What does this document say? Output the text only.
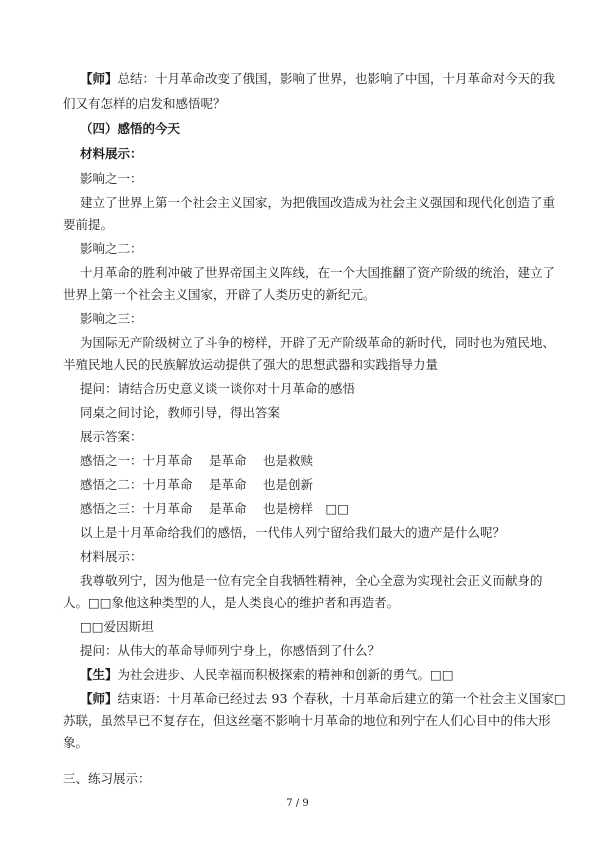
【师】总结：十月革命改变了俄国，影响了世界，也影响了中国，十月革命对今天的我
们又有怎样的启发和感悟呢？
（四）感悟的今天
材料展示：
影响之一：
建立了世界上第一个社会主义国家，为把俄国改造成为社会主义强国和现代化创造了重
要前提。
影响之二：
十月革命的胜利冲破了世界帝国主义阵线，在一个大国推翻了资产阶级的统治，建立了
世界上第一个社会主义国家，开辟了人类历史的新纪元。
影响之三：
为国际无产阶级树立了斗争的榜样，开辟了无产阶级革命的新时代，同时也为殖民地、
半殖民地人民的民族解放运动提供了强大的思想武器和实践指导力量
提问：请结合历史意义谈一谈你对十月革命的感悟
同桌之间讨论，教师引导，得出答案
展示答案：
感悟之一：十月革命　 是革命　 也是救赎
感悟之二：十月革命　 是革命　 也是创新
感悟之三：十月革命　 是革命　 也是榜样　□□
以上是十月革命给我们的感悟，一代伟人列宁留给我们最大的遗产是什么呢？
材料展示：
我尊敬列宁，因为他是一位有完全自我牺牲精神，全心全意为实现社会正义而献身的
人。□□象他这种类型的人，是人类良心的维护者和再造者。
□□爱因斯坦
提问：从伟大的革命导师列宁身上，你感悟到了什么？
【生】为社会进步、人民幸福而积极探索的精神和创新的勇气。□□
【师】结束语：十月革命已经过去 93 个春秋，十月革命后建立的第一个社会主义国家□
苏联，虽然早已不复存在，但这丝毫不影响十月革命的地位和列宁在人们心目中的伟大形
象。
三、练习展示：
7 / 9
